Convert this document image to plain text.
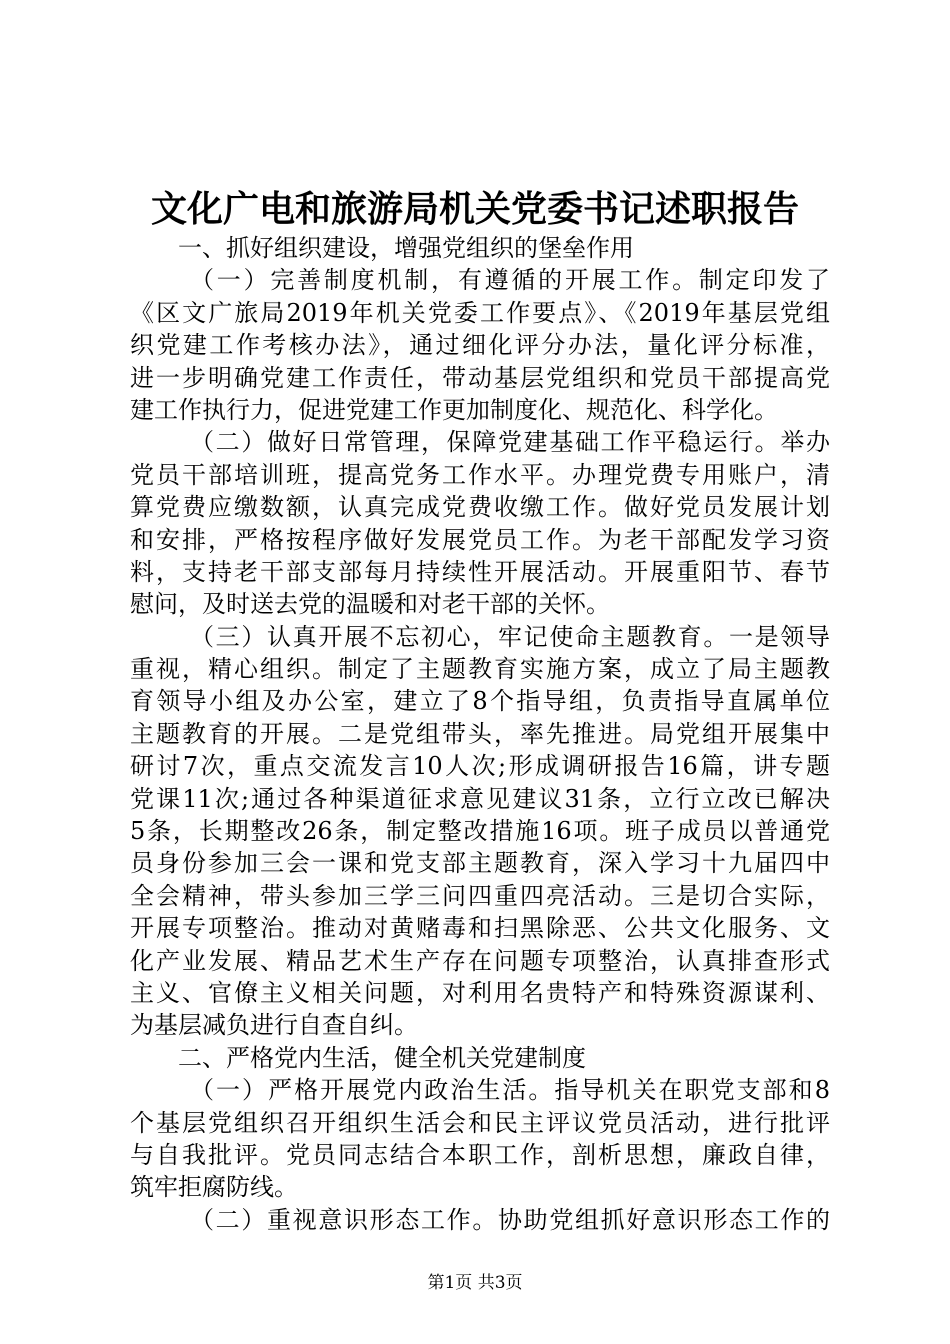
文化广电和旅游局机关党委书记述职报告
一、抓好组织建设，增强党组织的堡垒作用
（一）完善制度机制，有遵循的开展工作。制定印发了
《区文广旅局2019年机关党委工作要点》、《2019年基层党组
织党建工作考核办法》，通过细化评分办法，量化评分标准，
进一步明确党建工作责任，带动基层党组织和党员干部提高党
建工作执行力，促进党建工作更加制度化、规范化、科学化。
（二）做好日常管理，保障党建基础工作平稳运行。举办
党员干部培训班，提高党务工作水平。办理党费专用账户，清
算党费应缴数额，认真完成党费收缴工作。做好党员发展计划
和安排，严格按程序做好发展党员工作。为老干部配发学习资
料，支持老干部支部每月持续性开展活动。开展重阳节、春节
慰问，及时送去党的温暖和对老干部的关怀。
（三）认真开展不忘初心，牢记使命主题教育。一是领导
重视，精心组织。制定了主题教育实施方案，成立了局主题教
育领导小组及办公室，建立了8个指导组，负责指导直属单位
主题教育的开展。二是党组带头，率先推进。局党组开展集中
研讨7次，重点交流发言10人次;形成调研报告16篇，讲专题
党课11次;通过各种渠道征求意见建议31条，立行立改已解决
5条，长期整改26条，制定整改措施16项。班子成员以普通党
员身份参加三会一课和党支部主题教育，深入学习十九届四中
全会精神，带头参加三学三问四重四亮活动。三是切合实际，
开展专项整治。推动对黄赌毒和扫黑除恶、公共文化服务、文
化产业发展、精品艺术生产存在问题专项整治，认真排查形式
主义、官僚主义相关问题，对利用名贵特产和特殊资源谋利、
为基层减负进行自查自纠。
二、严格党内生活，健全机关党建制度
（一）严格开展党内政治生活。指导机关在职党支部和8
个基层党组织召开组织生活会和民主评议党员活动，进行批评
与自我批评。党员同志结合本职工作，剖析思想，廉政自律，
筑牢拒腐防线。
（二）重视意识形态工作。协助党组抓好意识形态工作的
第1页 共3页
